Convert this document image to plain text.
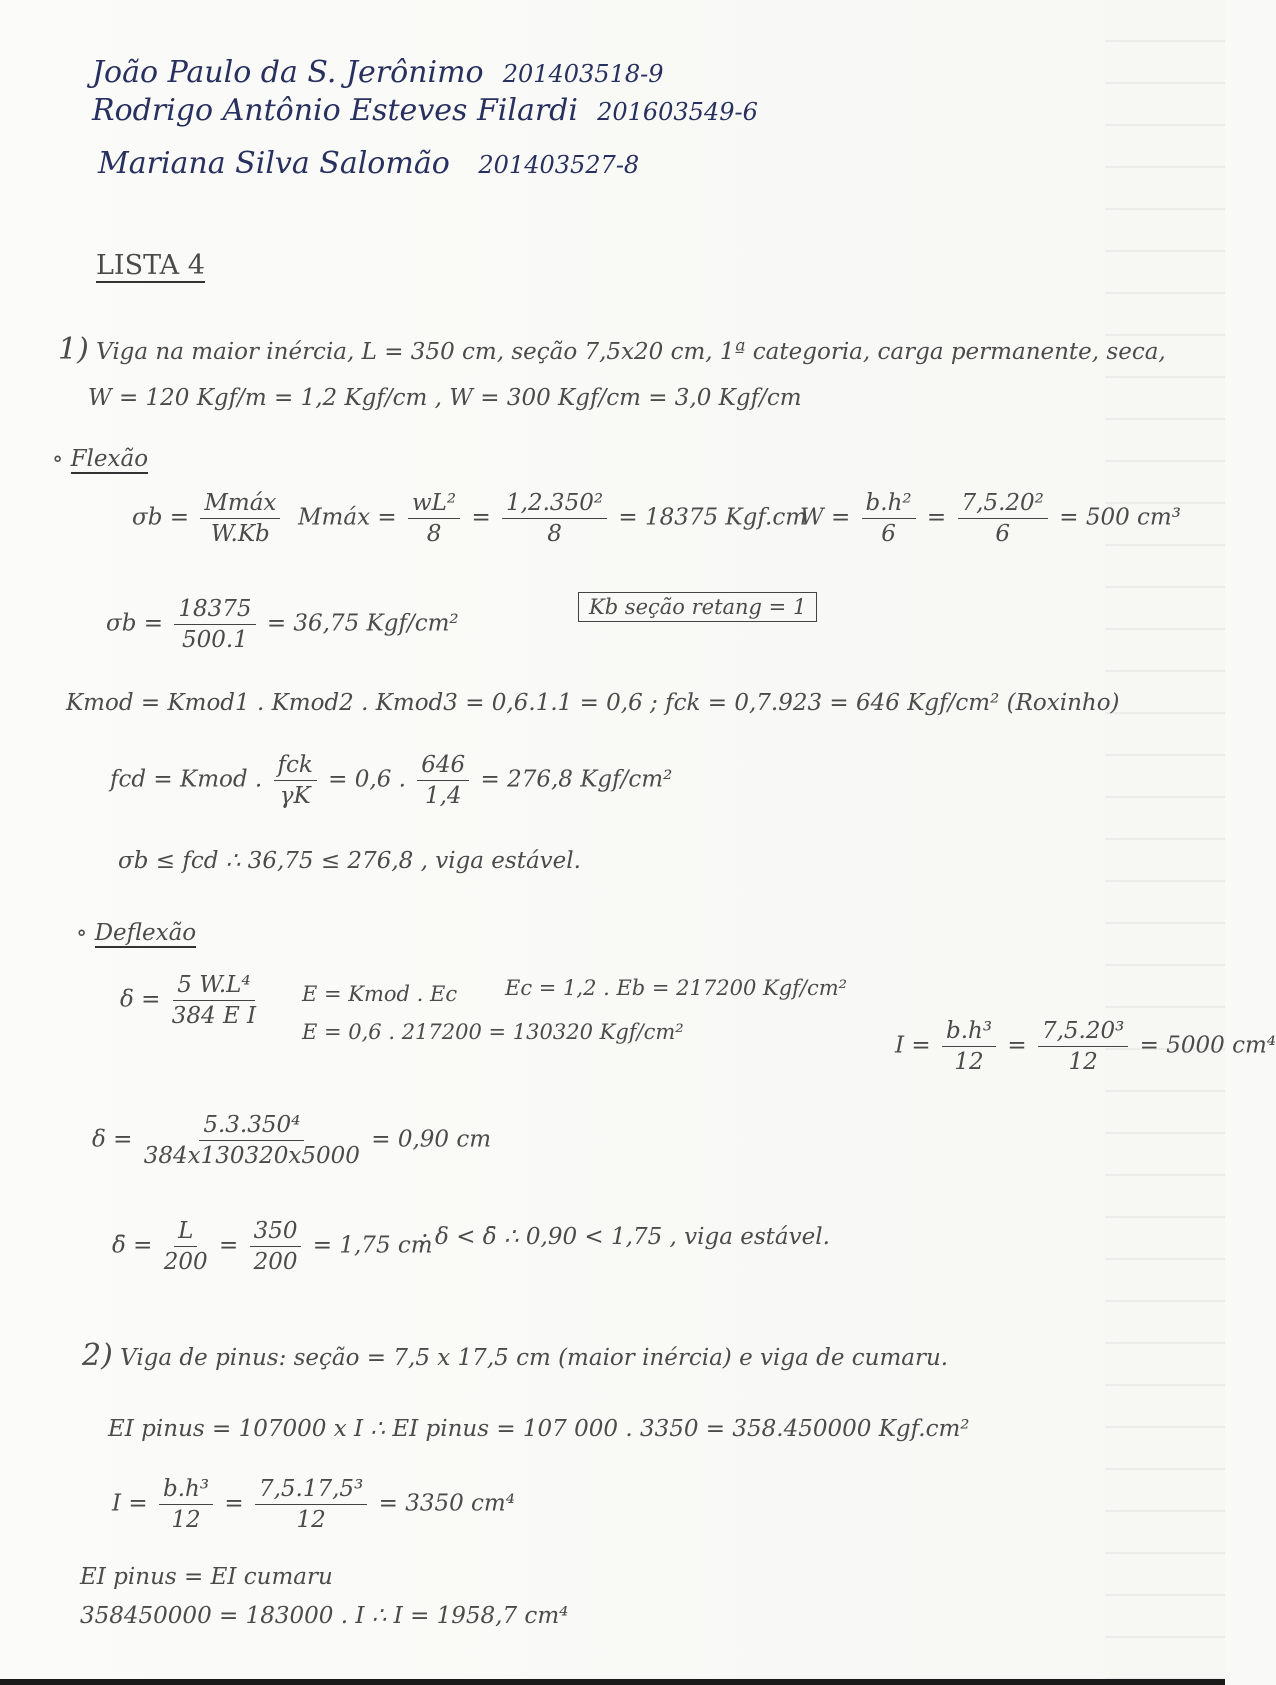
João Paulo da S. Jerônimo 201403518-9
Rodrigo Antônio Esteves Filardi 201603549-6
Mariana Silva Salomão 201403527-8
LISTA 4
1) Viga na maior inércia, L = 350 cm, seção 7,5x20 cm, 1ª categoria, carga permanente, seca,
W = 120 Kgf/m = 1,2 Kgf/cm , W = 300 Kgf/cm = 3,0 Kgf/cm
∘ Flexão
$\sigma b = \frac{\text{Mmáx}}{W.Kb}$ Mmáx = $\frac{\text{wL²}}{8} = \frac{\text{1,2.350²}}{8} = 18375$ Kgf.cm
$W = \frac{\text{b.h²}}{6} = \frac{\text{7,5.20²}}{6} = 500$ cm³
$\sigma b = \frac{18375}{500.1} = 36,75$ Kgf/cm²
Kb seção retang = 1
Kmod = Kmod1 . Kmod2 . Kmod3 = 0,6.1.1 = 0,6 ; fck = 0,7.923 = 646 Kgf/cm² (Roxinho)
fcd = Kmod . $\frac{\text{fck}}{\gamma K} = 0,6$ . $\frac{646}{1,4} = 276,8$ Kgf/cm²
σb ≤ fcd ∴ 36,75 ≤ 276,8 , viga estável.
∘ Deflexão
$\delta = \frac{\text{5 W.L⁴}}{\text{384 E I}}$ E = Kmod . Ec Ec = 1,2 . Eb = 217200 Kgf/cm²
E = 0,6 . 217200 = 130320 Kgf/cm²
$I = \frac{\text{b.h³}}{12} = \frac{\text{7,5.20³}}{12} = 5000$ cm⁴
$\delta = \frac{\text{5.3.350⁴}}{384x130320x5000} = 0,90$ cm
δ̄ = $\frac{L}{200} = \frac{350}{200} = 1,75$ cm
; δ < δ̄ ∴ 0,90 < 1,75 , viga estável.
2) Viga de pinus: seção = 7,5 x 17,5 cm (maior inércia) e viga de cumaru.
EI pinus = 107000 x I ∴ EI pinus = 107 000 . 3350 = 358.450000 Kgf.cm²
$I = \frac{\text{b.h³}}{12} = \frac{\text{7,5.17,5³}}{12} = 3350$ cm⁴
EI pinus = EI cumaru
358450000 = 183000 . I ∴ I = 1958,7 cm⁴
